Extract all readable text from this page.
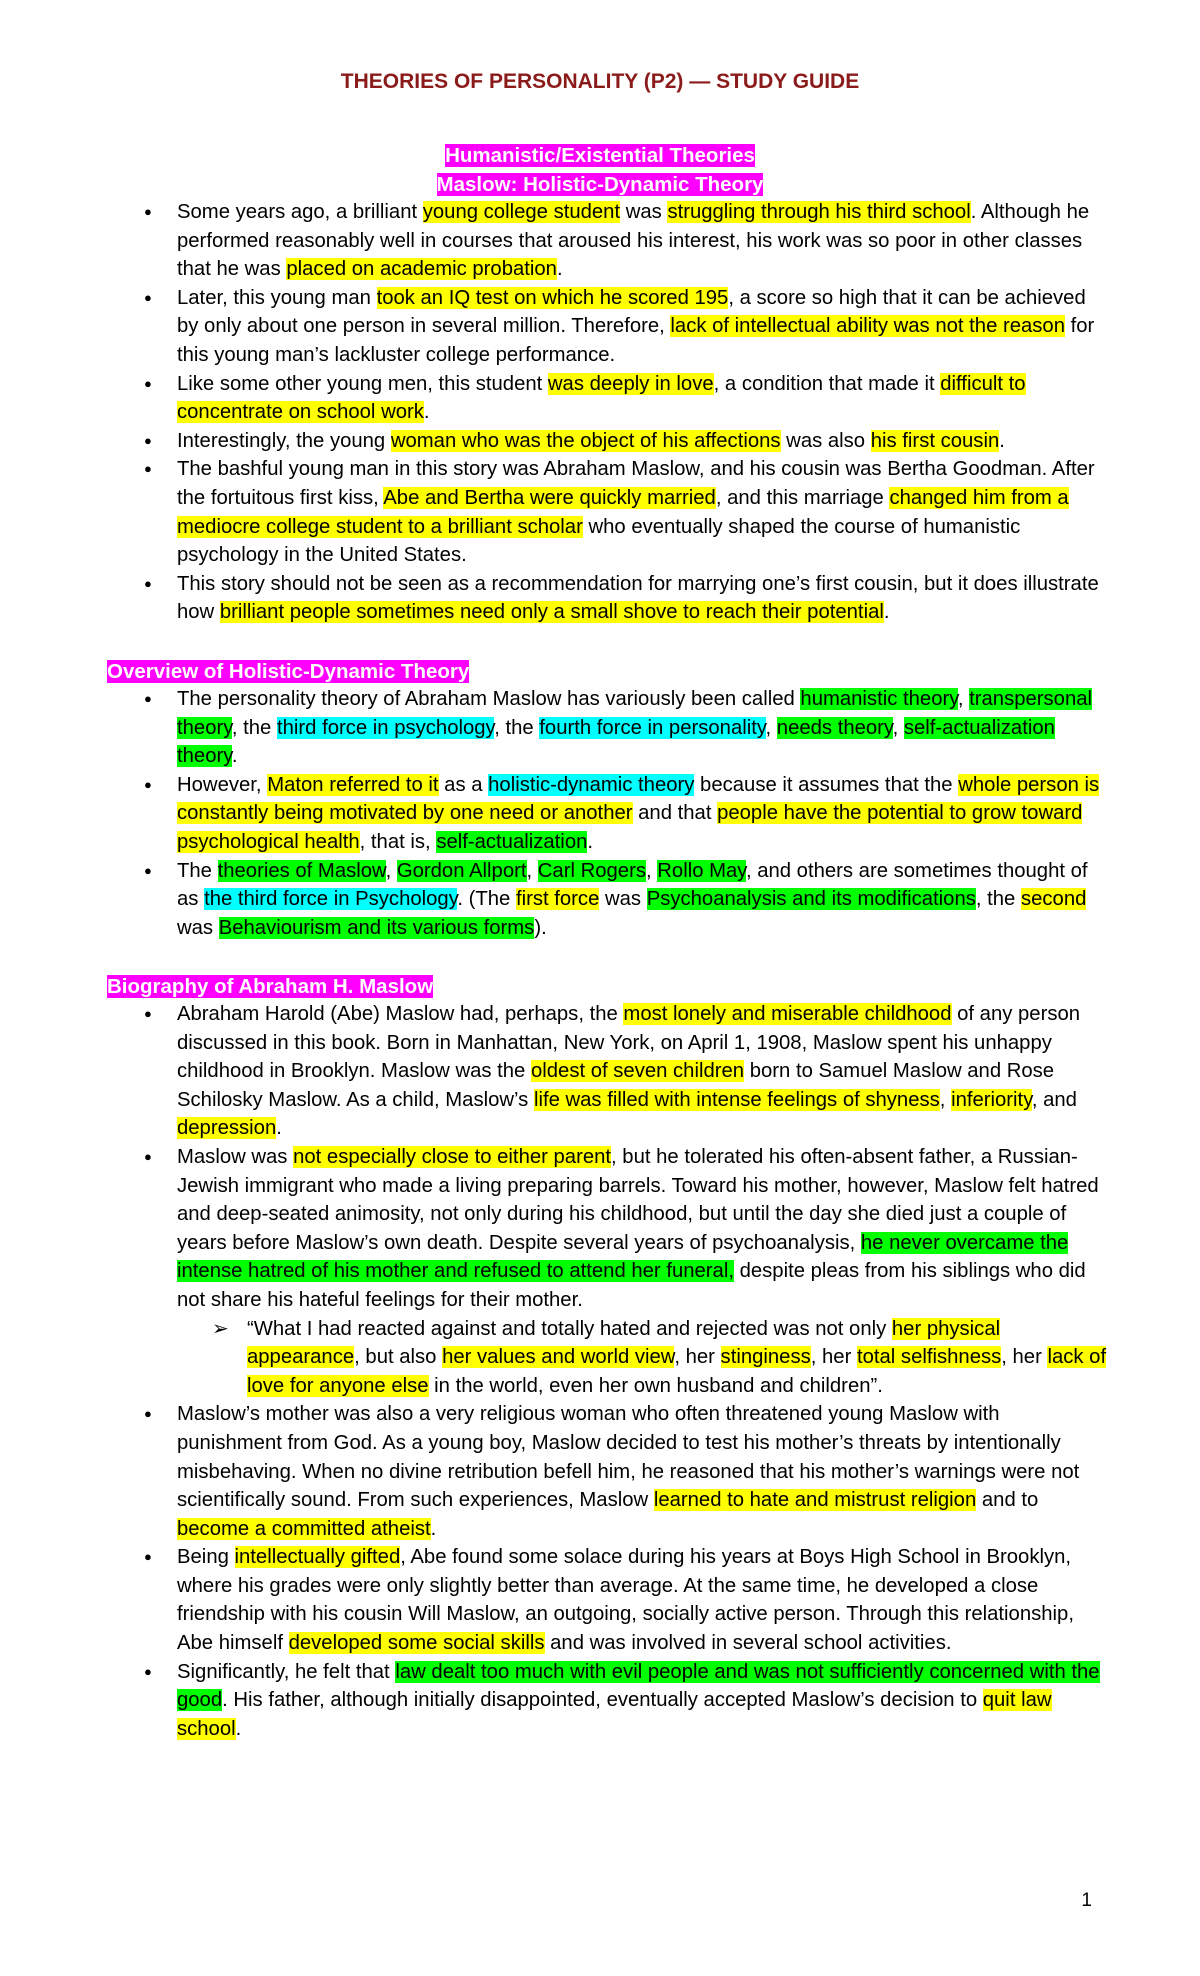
THEORIES OF PERSONALITY (P2) — STUDY GUIDE
Humanistic/Existential Theories
Maslow: Holistic-Dynamic Theory
● Some years ago, a brilliant young college student was struggling through his third school. Although he performed reasonably well in courses that aroused his interest, his work was so poor in other classes that he was placed on academic probation.
● Later, this young man took an IQ test on which he scored 195, a score so high that it can be achieved by only about one person in several million. Therefore, lack of intellectual ability was not the reason for this young man’s lackluster college performance.
● Like some other young men, this student was deeply in love, a condition that made it difficult to concentrate on school work.
● Interestingly, the young woman who was the object of his affections was also his first cousin.
● The bashful young man in this story was Abraham Maslow, and his cousin was Bertha Goodman. After the fortuitous first kiss, Abe and Bertha were quickly married, and this marriage changed him from a mediocre college student to a brilliant scholar who eventually shaped the course of humanistic psychology in the United States.
● This story should not be seen as a recommendation for marrying one’s first cousin, but it does illustrate how brilliant people sometimes need only a small shove to reach their potential.
Overview of Holistic-Dynamic Theory
● The personality theory of Abraham Maslow has variously been called humanistic theory, transpersonal theory, the third force in psychology, the fourth force in personality, needs theory, self-actualization theory.
● However, Maton referred to it as a holistic-dynamic theory because it assumes that the whole person is constantly being motivated by one need or another and that people have the potential to grow toward psychological health, that is, self-actualization.
● The theories of Maslow, Gordon Allport, Carl Rogers, Rollo May, and others are sometimes thought of as the third force in Psychology. (The first force was Psychoanalysis and its modifications, the second was Behaviourism and its various forms).
Biography of Abraham H. Maslow
● Abraham Harold (Abe) Maslow had, perhaps, the most lonely and miserable childhood of any person discussed in this book. Born in Manhattan, New York, on April 1, 1908, Maslow spent his unhappy childhood in Brooklyn. Maslow was the oldest of seven children born to Samuel Maslow and Rose Schilosky Maslow. As a child, Maslow’s life was filled with intense feelings of shyness, inferiority, and depression.
● Maslow was not especially close to either parent, but he tolerated his often-absent father, a Russian-Jewish immigrant who made a living preparing barrels. Toward his mother, however, Maslow felt hatred and deep-seated animosity, not only during his childhood, but until the day she died just a couple of years before Maslow’s own death. Despite several years of psychoanalysis, he never overcame the intense hatred of his mother and refused to attend her funeral, despite pleas from his siblings who did not share his hateful feelings for their mother.
➢ “What I had reacted against and totally hated and rejected was not only her physical appearance, but also her values and world view, her stinginess, her total selfishness, her lack of love for anyone else in the world, even her own husband and children”.
● Maslow’s mother was also a very religious woman who often threatened young Maslow with punishment from God. As a young boy, Maslow decided to test his mother’s threats by intentionally misbehaving. When no divine retribution befell him, he reasoned that his mother’s warnings were not scientifically sound. From such experiences, Maslow learned to hate and mistrust religion and to become a committed atheist.
● Being intellectually gifted, Abe found some solace during his years at Boys High School in Brooklyn, where his grades were only slightly better than average. At the same time, he developed a close friendship with his cousin Will Maslow, an outgoing, socially active person. Through this relationship, Abe himself developed some social skills and was involved in several school activities.
● Significantly, he felt that law dealt too much with evil people and was not sufficiently concerned with the good. His father, although initially disappointed, eventually accepted Maslow’s decision to quit law school.
1
